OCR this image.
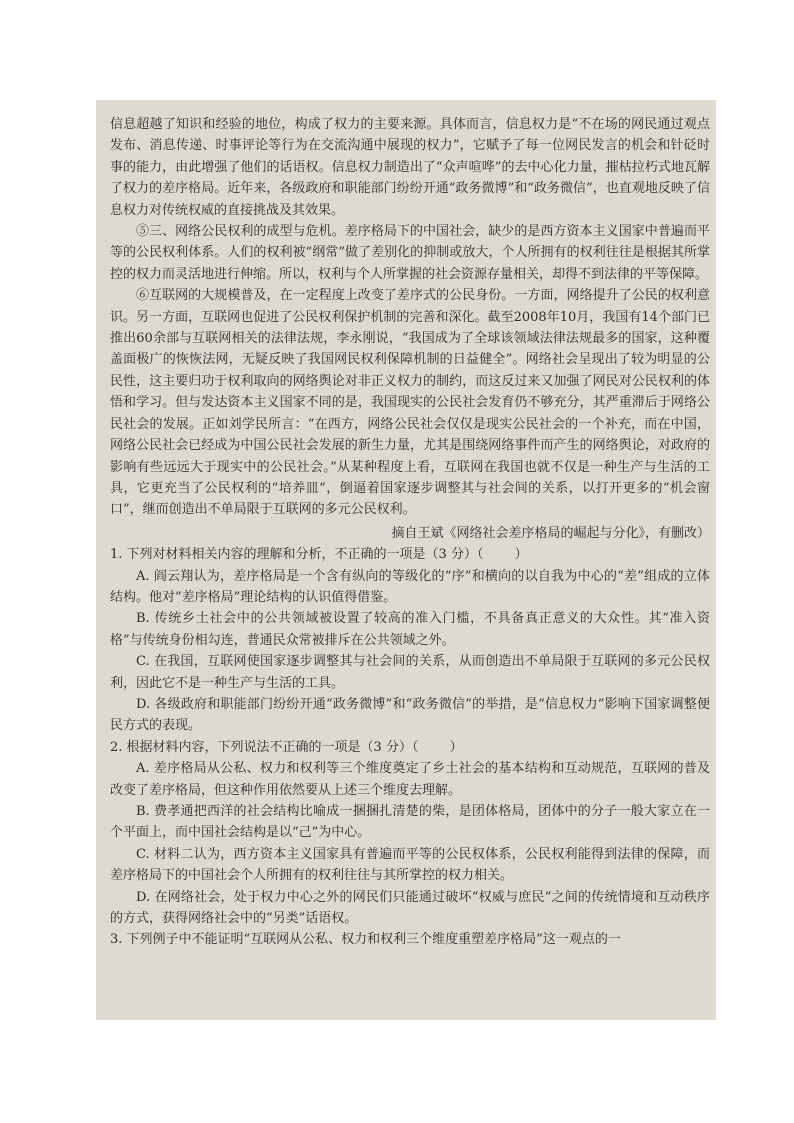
信息超越了知识和经验的地位，构成了权力的主要来源。具体而言，信息权力是“不在场的网民通过观点发布、消息传递、时事评论等行为在交流沟通中展现的权力”，它赋予了每一位网民发言的机会和针砭时事的能力，由此增强了他们的话语权。信息权力制造出了“众声喧哗”的去中心化力量，摧枯拉朽式地瓦解了权力的差序格局。近年来，各级政府和职能部门纷纷开通“政务微博”和“政务微信”，也直观地反映了信息权力对传统权威的直接挑战及其效果。

⑤三、网络公民权利的成型与危机。差序格局下的中国社会，缺少的是西方资本主义国家中普遍而平等的公民权利体系。人们的权利被“纲常”做了差别化的抑制或放大，个人所拥有的权利往往是根据其所掌控的权力而灵活地进行伸缩。所以，权利与个人所掌握的社会资源存量相关，却得不到法律的平等保障。

⑥互联网的大规模普及，在一定程度上改变了差序式的公民身份。一方面，网络提升了公民的权利意识。另一方面，互联网也促进了公民权利保护机制的完善和深化。截至2008年10月，我国有14个部门已推出60余部与互联网相关的法律法规，李永刚说，“我国成为了全球该领域法律法规最多的国家，这种覆盖面极广的恢恢法网，无疑反映了我国网民权利保障机制的日益健全”。网络社会呈现出了较为明显的公民性，这主要归功于权利取向的网络舆论对非正义权力的制约，而这反过来又加强了网民对公民权利的体悟和学习。但与发达资本主义国家不同的是，我国现实的公民社会发育仍不够充分，其严重滞后于网络公民社会的发展。正如刘学民所言：“在西方，网络公民社会仅仅是现实公民社会的一个补充，而在中国，网络公民社会已经成为中国公民社会发展的新生力量，尤其是围绕网络事件而产生的网络舆论，对政府的影响有些远远大于现实中的公民社会。”从某种程度上看，互联网在我国也就不仅是一种生产与生活的工具，它更充当了公民权利的“培养皿”，倒逼着国家逐步调整其与社会间的关系，以打开更多的“机会窗口”，继而创造出不单局限于互联网的多元公民权利。

摘自王斌《网络社会差序格局的崛起与分化》，有删改）

1. 下列对材料相关内容的理解和分析，不正确的一项是（3 分）（ ）

A. 阎云翔认为，差序格局是一个含有纵向的等级化的“序”和横向的以自我为中心的“差”组成的立体结构。他对“差序格局”理论结构的认识值得借鉴。

B. 传统乡土社会中的公共领域被设置了较高的准入门槛，不具备真正意义的大众性。其“准入资格”与传统身份相勾连，普通民众常被排斥在公共领域之外。

C. 在我国，互联网使国家逐步调整其与社会间的关系，从而创造出不单局限于互联网的多元公民权利，因此它不是一种生产与生活的工具。

D. 各级政府和职能部门纷纷开通“政务微博”和“政务微信”的举措，是“信息权力”影响下国家调整便民方式的表现。

2. 根据材料内容，下列说法不正确的一项是（3 分）（ ）

A. 差序格局从公私、权力和权利等三个维度奠定了乡土社会的基本结构和互动规范，互联网的普及改变了差序格局，但这种作用依然要从上述三个维度去理解。

B. 费孝通把西洋的社会结构比喻成一捆捆扎清楚的柴，是团体格局，团体中的分子一般大家立在一个平面上，而中国社会结构是以“己”为中心。

C. 材料二认为，西方资本主义国家具有普遍而平等的公民权体系，公民权利能得到法律的保障，而差序格局下的中国社会个人所拥有的权利往往与其所掌控的权力相关。

D. 在网络社会，处于权力中心之外的网民们只能通过破坏“权威与庶民”之间的传统情境和互动秩序的方式，获得网络社会中的“另类”话语权。

3. 下列例子中不能证明“互联网从公私、权力和权利三个维度重塑差序格局”这一观点的一
